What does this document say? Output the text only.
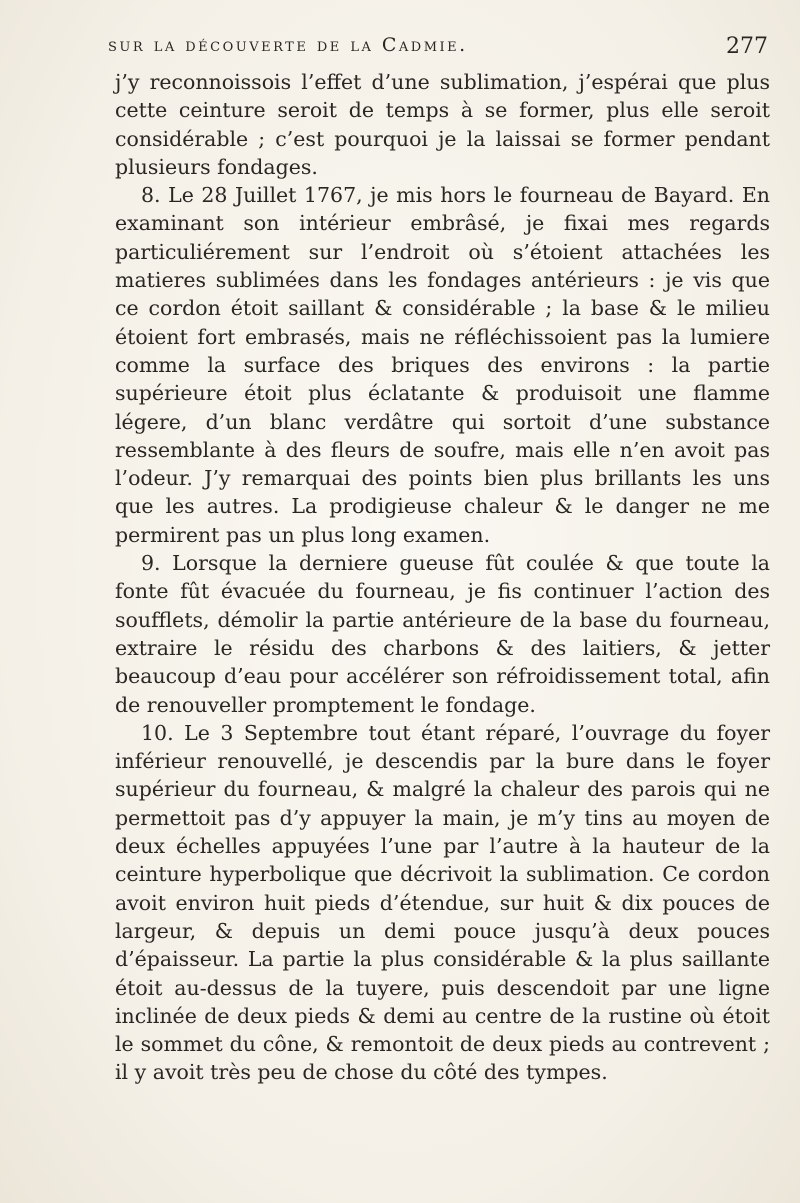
sur la découverte de la Cadmie.	277

j’y reconnoissois l’effet d’une sublimation, j’espérai que plus cette ceinture seroit de temps à se former, plus elle seroit considérable ; c’est pourquoi je la laissai se former pendant plusieurs fondages.

8. Le 28 Juillet 1767, je mis hors le fourneau de Bayard. En examinant son intérieur embrâsé, je fixai mes regards particuliérement sur l’endroit où s’étoient attachées les matieres sublimées dans les fondages antérieurs : je vis que ce cordon étoit saillant & considérable ; la base & le milieu étoient fort embrasés, mais ne réfléchissoient pas la lumiere comme la surface des briques des environs : la partie supérieure étoit plus éclatante & produisoit une flamme légere, d’un blanc verdâtre qui sortoit d’une substance ressemblante à des fleurs de soufre, mais elle n’en avoit pas l’odeur. J’y remarquai des points bien plus brillants les uns que les autres. La prodigieuse chaleur & le danger ne me permirent pas un plus long examen.

9. Lorsque la derniere gueuse fût coulée & que toute la fonte fût évacuée du fourneau, je fis continuer l’action des soufflets, démolir la partie antérieure de la base du fourneau, extraire le résidu des charbons & des laitiers, & jetter beaucoup d’eau pour accélérer son réfroidissement total, afin de renouveller promptement le fondage.

10. Le 3 Septembre tout étant réparé, l’ouvrage du foyer inférieur renouvellé, je descendis par la bure dans le foyer supérieur du fourneau, & malgré la chaleur des parois qui ne permettoit pas d’y appuyer la main, je m’y tins au moyen de deux échelles appuyées l’une par l’autre à la hauteur de la ceinture hyperbolique que décrivoit la sublimation. Ce cordon avoit environ huit pieds d’étendue, sur huit & dix pouces de largeur, & depuis un demi pouce jusqu’à deux pouces d’épaisseur. La partie la plus considérable & la plus saillante étoit au-dessus de la tuyere, puis descendoit par une ligne inclinée de deux pieds & demi au centre de la rustine où étoit le sommet du cône, & remontoit de deux pieds au contrevent ; il y avoit très peu de chose du côté des tympes.
